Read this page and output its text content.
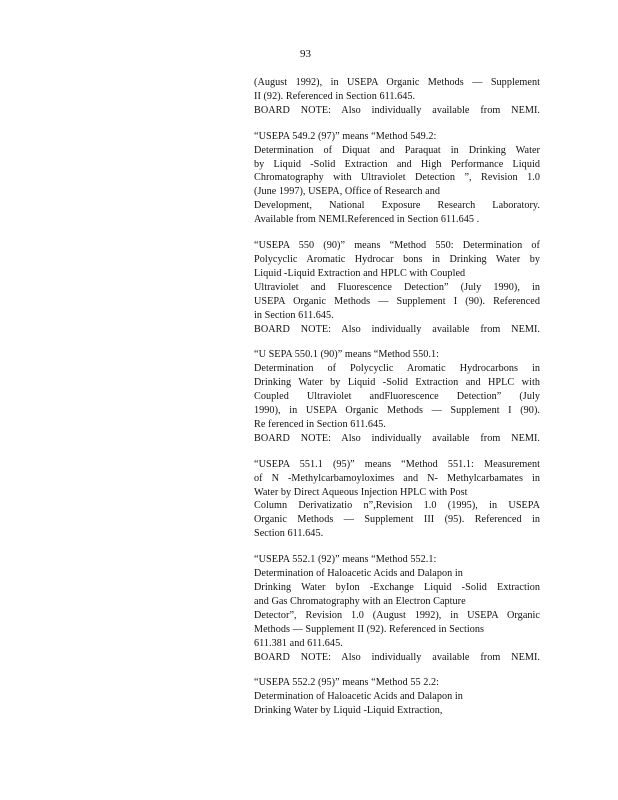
93
(August 1992), in USEPA Organic Methods — Supplement
II (92). Referenced in Section 611.645.
BOARD NOTE: Also individually available from NEMI.
“USEPA 549.2 (97)” means “Method 549.2:
Determination of Diquat and Paraquat in Drinking Water
by Liquid -Solid Extraction and High Performance Liquid
Chromatography with Ultraviolet Detection ”, Revision 1.0
(June 1997), USEPA, Office of Research and
Development, National Exposure Research Laboratory.
Available from NEMI.Referenced in Section 611.645 .
“USEPA 550 (90)” means “Method 550: Determination of
Polycyclic Aromatic Hydrocar bons in Drinking Water by
Liquid -Liquid Extraction and HPLC with Coupled
Ultraviolet and Fluorescence Detection” (July 1990), in
USEPA Organic Methods — Supplement I (90). Referenced
in Section 611.645.
BOARD NOTE: Also individually available from NEMI.
“U SEPA 550.1 (90)” means “Method 550.1:
Determination of Polycyclic Aromatic Hydrocarbons in
Drinking Water by Liquid -Solid Extraction and HPLC with
Coupled Ultraviolet andFluorescence Detection” (July
1990), in USEPA Organic Methods — Supplement I (90).
Re ferenced in Section 611.645.
BOARD NOTE: Also individually available from NEMI.
“USEPA 551.1 (95)” means “Method 551.1: Measurement
of N -Methylcarbamoyloximes and N- Methylcarbamates in
Water by Direct Aqueous Injection HPLC with Post
Column Derivatizatio n”,Revision 1.0 (1995), in USEPA
Organic Methods — Supplement III (95). Referenced in
Section 611.645.
“USEPA 552.1 (92)” means “Method 552.1:
Determination of Haloacetic Acids and Dalapon in
Drinking Water byIon -Exchange Liquid -Solid Extraction
and Gas Chromatography with an Electron Capture
Detector”, Revision 1.0 (August 1992), in USEPA Organic
Methods — Supplement II (92). Referenced in Sections
611.381 and 611.645.
BOARD NOTE: Also individually available from NEMI.
“USEPA 552.2 (95)” means “Method 55 2.2:
Determination of Haloacetic Acids and Dalapon in
Drinking Water by Liquid -Liquid Extraction,
